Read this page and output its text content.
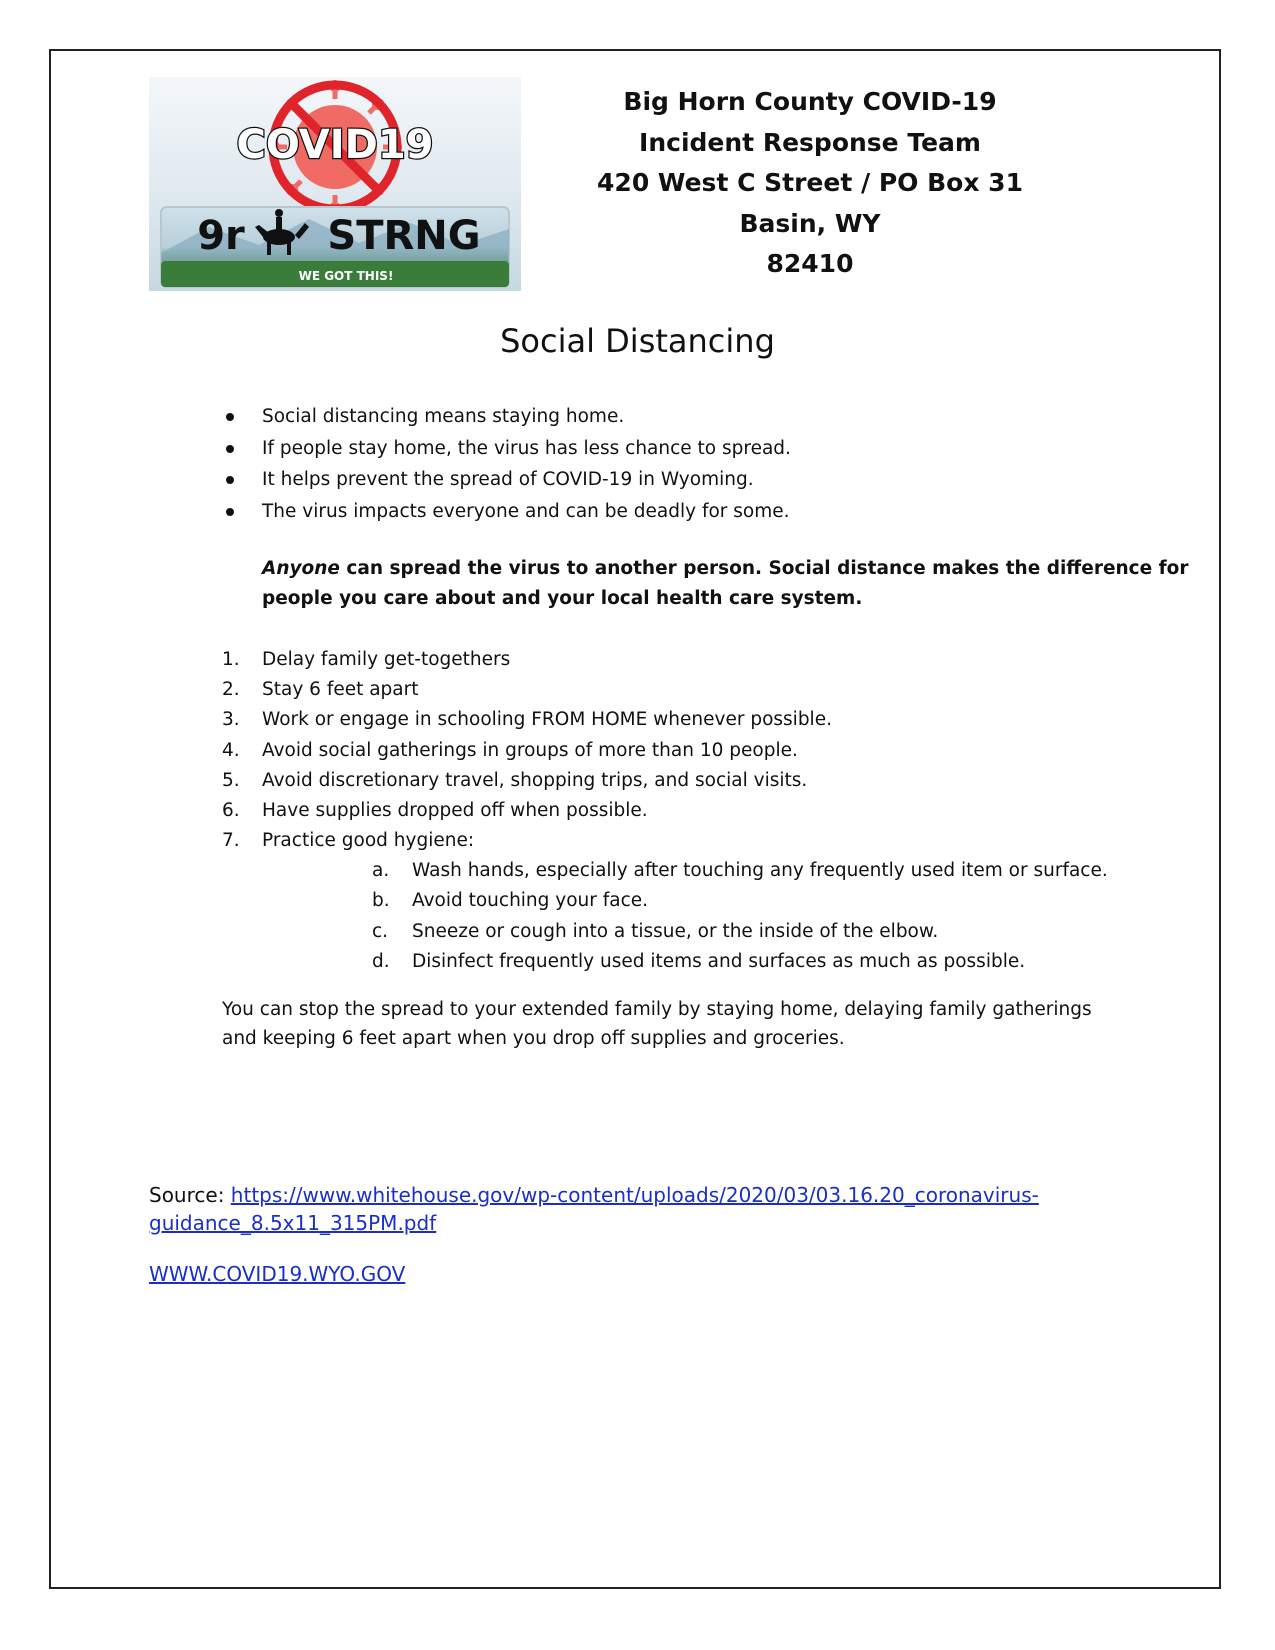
COVID19
9r STRNG
WE GOT THIS!
Big Horn County COVID-19
Incident Response Team
420 West C Street / PO Box 31
Basin, WY
82410
Social Distancing
Social distancing means staying home.
If people stay home, the virus has less chance to spread.
It helps prevent the spread of COVID-19 in Wyoming.
The virus impacts everyone and can be deadly for some.
Anyone can spread the virus to another person. Social distance makes the difference for
people you care about and your local health care system.
1. Delay family get-togethers
2. Stay 6 feet apart
3. Work or engage in schooling FROM HOME whenever possible.
4. Avoid social gatherings in groups of more than 10 people.
5. Avoid discretionary travel, shopping trips, and social visits.
6. Have supplies dropped off when possible.
7. Practice good hygiene:
a. Wash hands, especially after touching any frequently used item or surface.
b. Avoid touching your face.
c. Sneeze or cough into a tissue, or the inside of the elbow.
d. Disinfect frequently used items and surfaces as much as possible.
You can stop the spread to your extended family by staying home, delaying family gatherings
and keeping 6 feet apart when you drop off supplies and groceries.
Source: https://www.whitehouse.gov/wp-content/uploads/2020/03/03.16.20_coronavirus-
guidance_8.5x11_315PM.pdf
WWW.COVID19.WYO.GOV
